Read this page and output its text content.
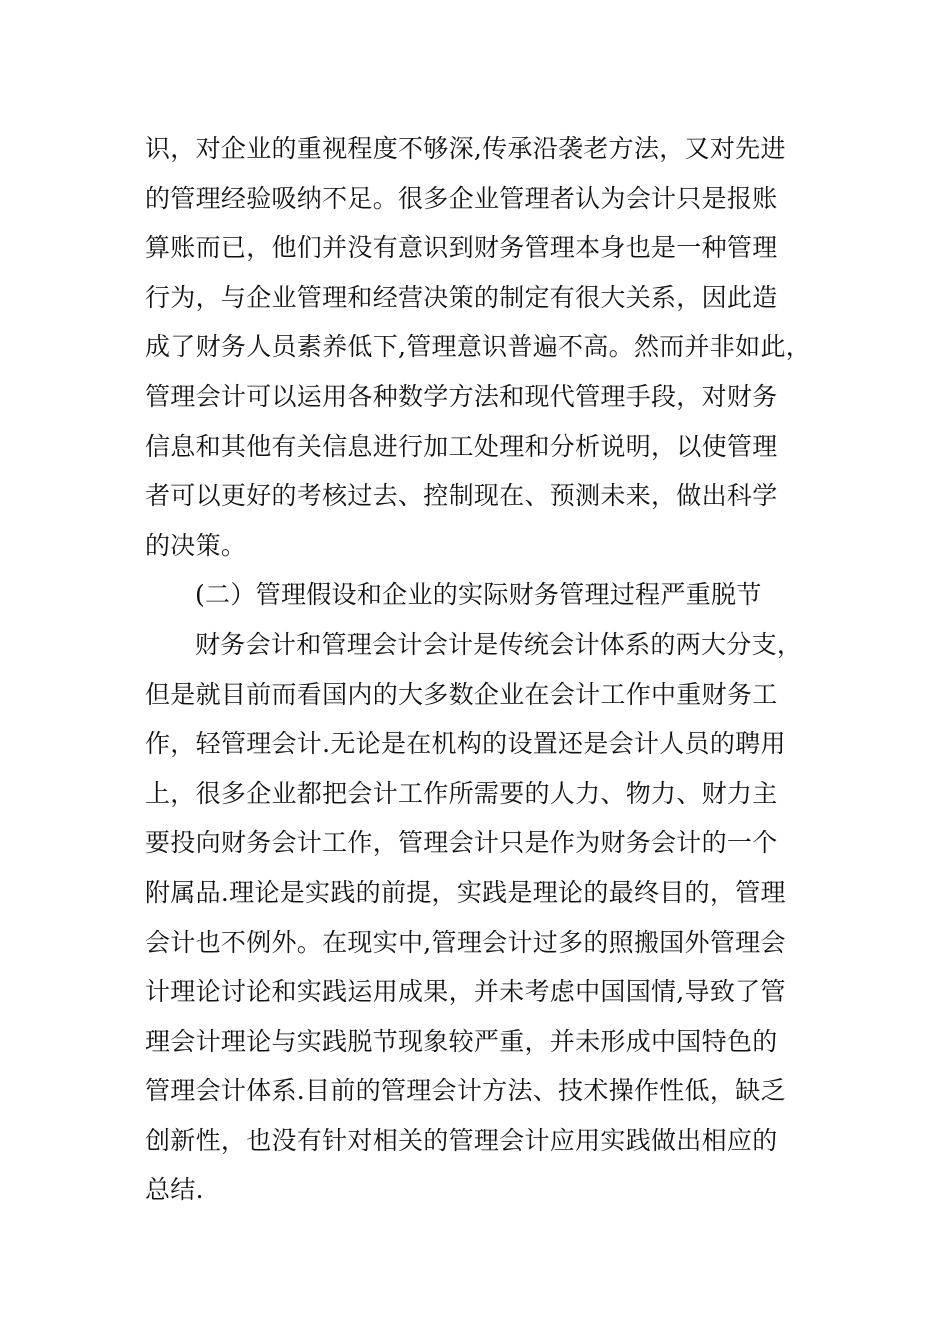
识，对企业的重视程度不够深,传承沿袭老方法，又对先进
的管理经验吸纳不足。很多企业管理者认为会计只是报账
算账而已，他们并没有意识到财务管理本身也是一种管理
行为，与企业管理和经营决策的制定有很大关系，因此造
成了财务人员素养低下,管理意识普遍不高。然而并非如此，
管理会计可以运用各种数学方法和现代管理手段，对财务
信息和其他有关信息进行加工处理和分析说明，以使管理
者可以更好的考核过去、控制现在、预测未来，做出科学
的决策。
(二）管理假设和企业的实际财务管理过程严重脱节
财务会计和管理会计会计是传统会计体系的两大分支，
但是就目前而看国内的大多数企业在会计工作中重财务工
作，轻管理会计.无论是在机构的设置还是会计人员的聘用
上，很多企业都把会计工作所需要的人力、物力、财力主
要投向财务会计工作，管理会计只是作为财务会计的一个
附属品.理论是实践的前提，实践是理论的最终目的，管理
会计也不例外。在现实中,管理会计过多的照搬国外管理会
计理论讨论和实践运用成果，并未考虑中国国情,导致了管
理会计理论与实践脱节现象较严重，并未形成中国特色的
管理会计体系.目前的管理会计方法、技术操作性低，缺乏
创新性，也没有针对相关的管理会计应用实践做出相应的
总结.
